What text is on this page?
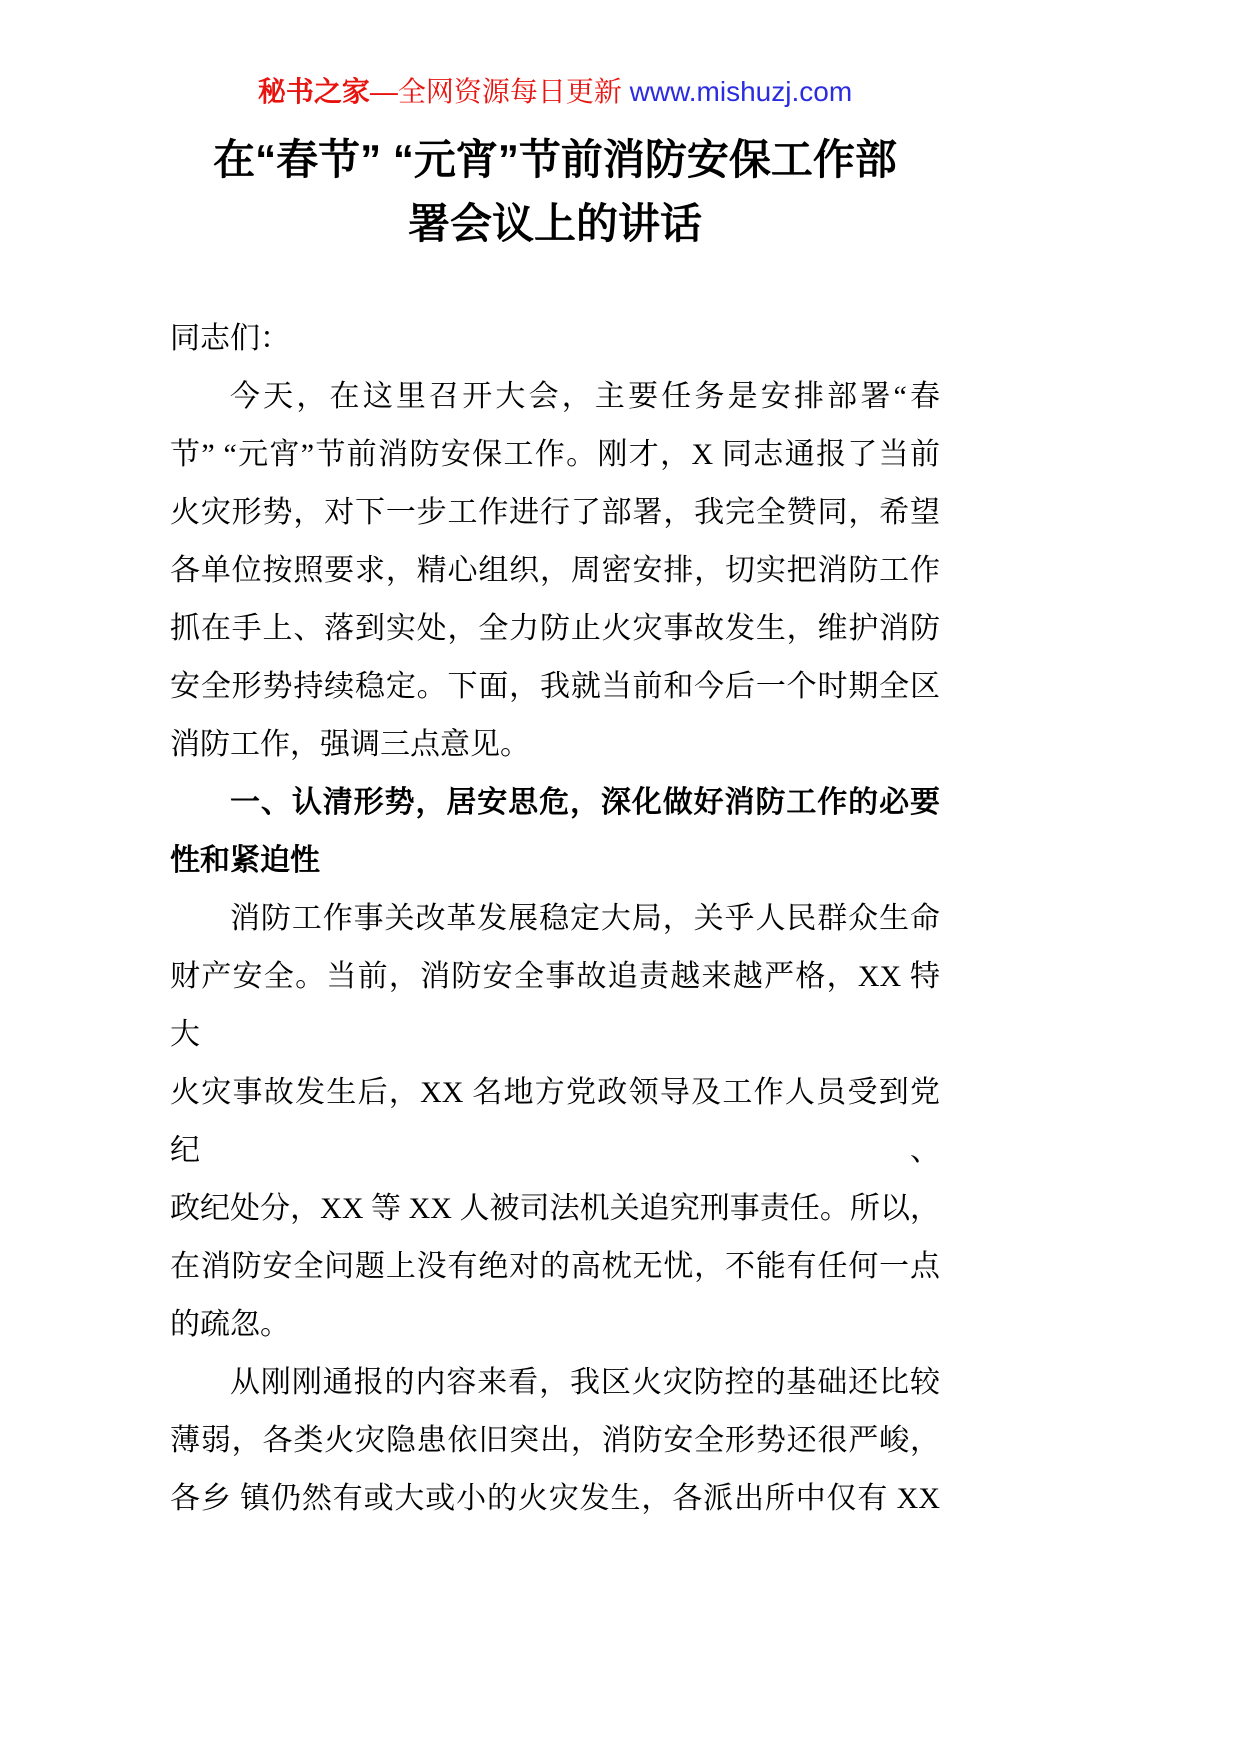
秘书之家—全网资源每日更新 www.mishuzj.com
在“春节” “元宵”节前消防安保工作部
署会议上的讲话
同志们：
今天，在这里召开大会，主要任务是安排部署“春
节” “元宵”节前消防安保工作。刚才，X 同志通报了当前
火灾形势，对下一步工作进行了部署，我完全赞同，希望
各单位按照要求，精心组织，周密安排，切实把消防工作
抓在手上、落到实处，全力防止火灾事故发生，维护消防
安全形势持续稳定。下面，我就当前和今后一个时期全区
消防工作，强调三点意见。
一、认清形势，居安思危，深化做好消防工作的必要
性和紧迫性
消防工作事关改革发展稳定大局，关乎人民群众生命
财产安全。当前，消防安全事故追责越来越严格，XX 特大
火灾事故发生后，XX 名地方党政领导及工作人员受到党纪、
政纪处分，XX 等 XX 人被司法机关追究刑事责任。所以，
在消防安全问题上没有绝对的高枕无忧，不能有任何一点
的疏忽。
从刚刚通报的内容来看，我区火灾防控的基础还比较
薄弱，各类火灾隐患依旧突出，消防安全形势还很严峻，
各乡 镇仍然有或大或小的火灾发生，各派出所中仅有 XX
